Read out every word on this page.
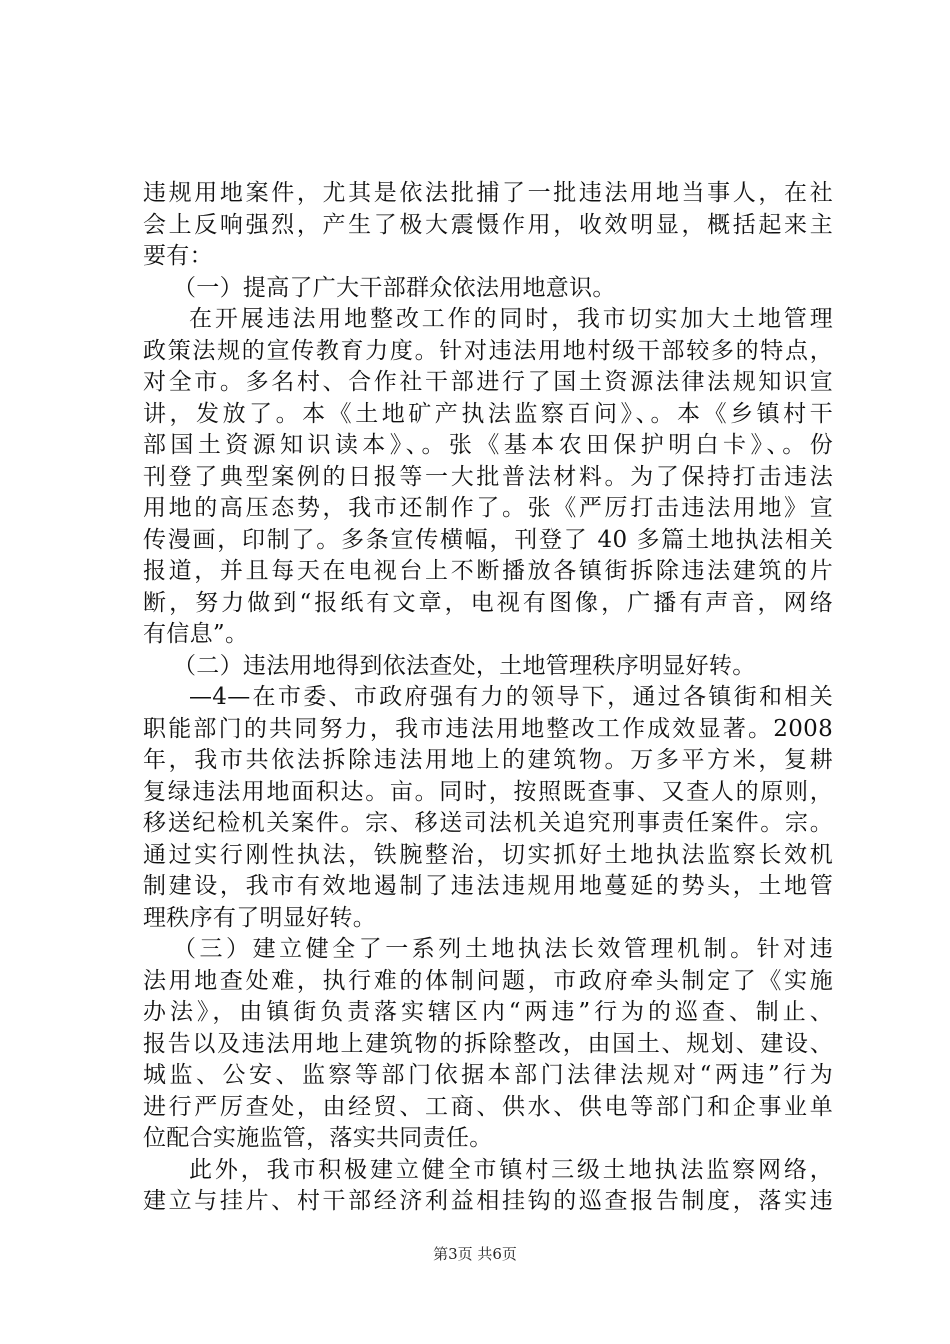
违规用地案件，尤其是依法批捕了一批违法用地当事人，在社
会上反响强烈，产生了极大震慑作用，收效明显，概括起来主
要有：
（一）提高了广大干部群众依法用地意识。
在开展违法用地整改工作的同时，我市切实加大土地管理
政策法规的宣传教育力度。针对违法用地村级干部较多的特点，
对全市。多名村、合作社干部进行了国土资源法律法规知识宣
讲，发放了。本《土地矿产执法监察百问》、。本《乡镇村干
部国土资源知识读本》、。张《基本农田保护明白卡》、。份
刊登了典型案例的日报等一大批普法材料。为了保持打击违法
用地的高压态势，我市还制作了。张《严厉打击违法用地》宣
传漫画，印制了。多条宣传横幅，刊登了 40 多篇土地执法相关
报道，并且每天在电视台上不断播放各镇街拆除违法建筑的片
断，努力做到“报纸有文章，电视有图像，广播有声音，网络
有信息”。
（二）违法用地得到依法查处，土地管理秩序明显好转。
—4—在市委、市政府强有力的领导下，通过各镇街和相关
职能部门的共同努力，我市违法用地整改工作成效显著。2008
年，我市共依法拆除违法用地上的建筑物。万多平方米，复耕
复绿违法用地面积达。亩。同时，按照既查事、又查人的原则，
移送纪检机关案件。宗、移送司法机关追究刑事责任案件。宗。
通过实行刚性执法，铁腕整治，切实抓好土地执法监察长效机
制建设，我市有效地遏制了违法违规用地蔓延的势头，土地管
理秩序有了明显好转。
（三）建立健全了一系列土地执法长效管理机制。针对违
法用地查处难，执行难的体制问题，市政府牵头制定了《实施
办法》，由镇街负责落实辖区内“两违”行为的巡查、制止、
报告以及违法用地上建筑物的拆除整改，由国土、规划、建设、
城监、公安、监察等部门依据本部门法律法规对“两违”行为
进行严厉查处，由经贸、工商、供水、供电等部门和企事业单
位配合实施监管，落实共同责任。
此外，我市积极建立健全市镇村三级土地执法监察网络，
建立与挂片、村干部经济利益相挂钩的巡查报告制度，落实违
第3页 共6页
